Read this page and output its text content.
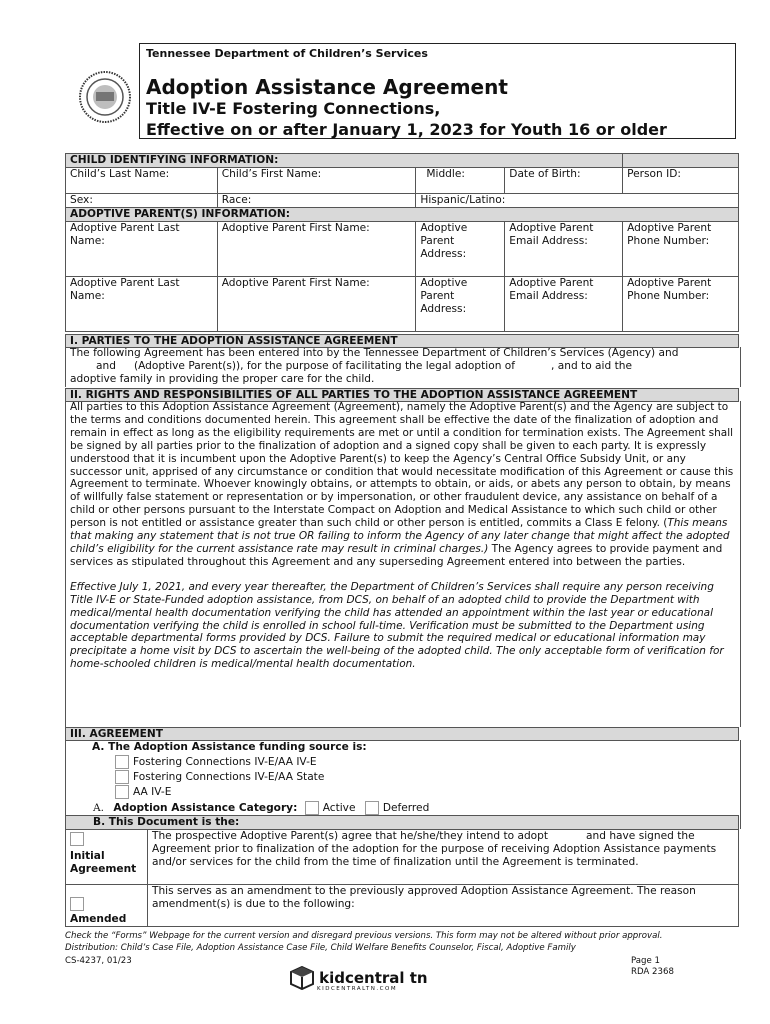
Tennessee Department of Children’s Services
Adoption Assistance Agreement
Title IV-E Fostering Connections,
Effective on or after January 1, 2023 for Youth 16 or older
CHILD IDENTIFYING INFORMATION:				
Child’s Last Name:	Child’s First Name:	Middle:	Date of Birth:	Person ID:
Sex:	Race:	Hispanic/Latino:		
ADOPTIVE PARENT(S) INFORMATION:				
Adoptive Parent Last Name:	Adoptive Parent First Name:	Adoptive Parent Address:	Adoptive Parent Email Address:	Adoptive Parent Phone Number:
Adoptive Parent Last Name:	Adoptive Parent First Name:	Adoptive Parent Address:	Adoptive Parent Email Address:	Adoptive Parent Phone Number:
I. PARTIES TO THE ADOPTION ASSISTANCE AGREEMENT
The following Agreement has been entered into by the Tennessee Department of Children’s Services (Agency) and
and (Adoptive Parent(s)), for the purpose of facilitating the legal adoption of	, and to aid the
adoptive family in providing the proper care for the child.
II. RIGHTS AND RESPONSIBILITIES OF ALL PARTIES TO THE ADOPTION ASSISTANCE AGREEMENT
All parties to this Adoption Assistance Agreement (Agreement), namely the Adoptive Parent(s) and the Agency are subject to the terms and conditions documented herein. This agreement shall be effective the date of the finalization of adoption and remain in effect as long as the eligibility requirements are met or until a condition for termination exists. The Agreement shall be signed by all parties prior to the finalization of adoption and a signed copy shall be given to each party. It is expressly understood that it is incumbent upon the Adoptive Parent(s) to keep the Agency’s Central Office Subsidy Unit, or any successor unit, apprised of any circumstance or condition that would necessitate modification of this Agreement or cause this Agreement to terminate. Whoever knowingly obtains, or attempts to obtain, or aids, or abets any person to obtain, by means of willfully false statement or representation or by impersonation, or other fraudulent device, any assistance on behalf of a child or other persons pursuant to the Interstate Compact on Adoption and Medical Assistance to which such child or other person is not entitled or assistance greater than such child or other person is entitled, commits a Class E felony. (This means that making any statement that is not true OR failing to inform the Agency of any later change that might affect the adopted child’s eligibility for the current assistance rate may result in criminal charges.) The Agency agrees to provide payment and services as stipulated throughout this Agreement and any superseding Agreement entered into between the parties.
Effective July 1, 2021, and every year thereafter, the Department of Children’s Services shall require any person receiving Title IV-E or State-Funded adoption assistance, from DCS, on behalf of an adopted child to provide the Department with medical/mental health documentation verifying the child has attended an appointment within the last year or educational documentation verifying the child is enrolled in school full-time. Verification must be submitted to the Department using acceptable departmental forms provided by DCS. Failure to submit the required medical or educational information may precipitate a home visit by DCS to ascertain the well-being of the adopted child. The only acceptable form of verification for home-schooled children is medical/mental health documentation.
III. AGREEMENT
A. The Adoption Assistance funding source is:
Fostering Connections IV-E/AA IV-E
Fostering Connections IV-E/AA State
AA IV-E
A. Adoption Assistance Category: Active	Deferred
B. This Document is the:
Initial Agreement	The prospective Adoptive Parent(s) agree that he/she/they intend to adopt and have signed the Agreement prior to finalization of the adoption for the purpose of receiving Adoption Assistance payments and/or services for the child from the time of finalization until the Agreement is terminated.

Amended	This serves as an amendment to the previously approved Adoption Assistance Agreement. The reason amendment(s) is due to the following:
Check the “Forms” Webpage for the current version and disregard previous versions. This form may not be altered without prior approval.
Distribution: Child’s Case File, Adoption Assistance Case File, Child Welfare Benefits Counselor, Fiscal, Adoptive Family
CS-4237, 01/23	Page 1
RDA 2368
kidcentral tn
KIDCENTRALTN.COM
